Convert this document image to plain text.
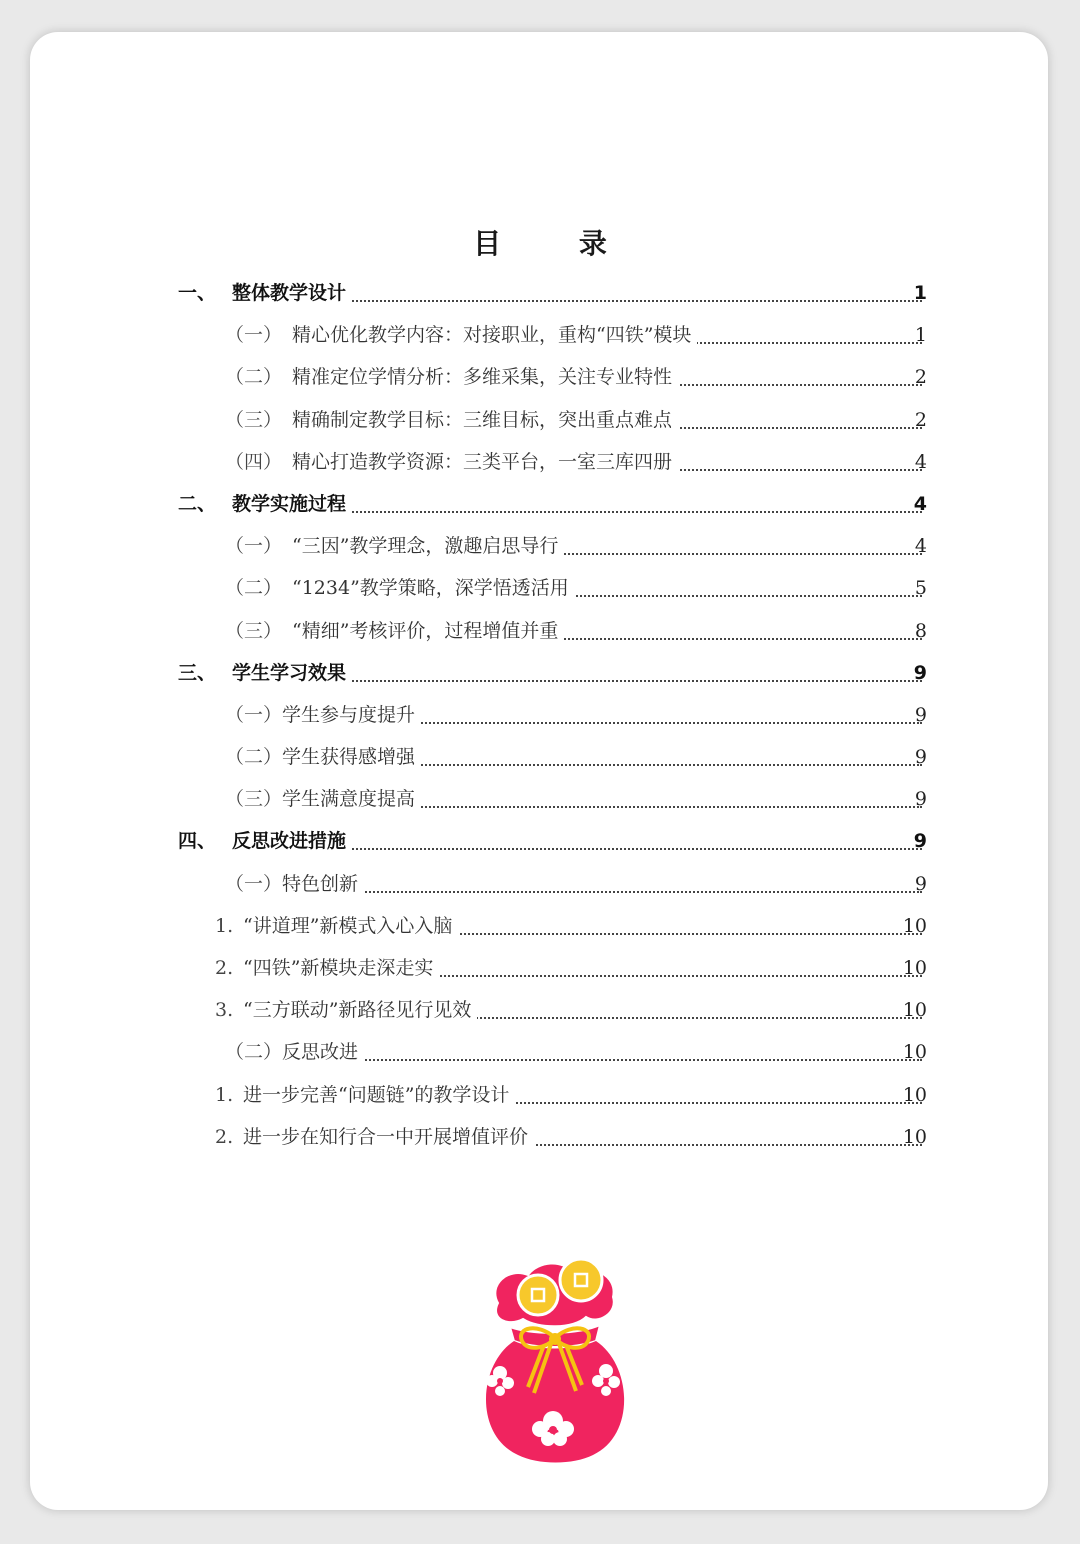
目 录
一、 整体教学设计	1
（一） 精心优化教学内容：对接职业，重构“四铁”模块	1
（二） 精准定位学情分析：多维采集，关注专业特性	2
（三） 精确制定教学目标：三维目标，突出重点难点	2
（四） 精心打造教学资源：三类平台，一室三库四册	4
二、 教学实施过程	4
（一） “三因”教学理念，激趣启思导行	4
（二） “1234”教学策略，深学悟透活用	5
（三） “精细”考核评价，过程增值并重	8
三、 学生学习效果	9
（一） 学生参与度提升	9
（二） 学生获得感增强	9
（三） 学生满意度提高	9
四、 反思改进措施	9
（一） 特色创新	9
1. “讲道理”新模式入心入脑	10
2. “四铁”新模块走深走实	10
3. “三方联动”新路径见行见效	10
（二） 反思改进	10
1. 进一步完善“问题链”的教学设计	10
2. 进一步在知行合一中开展增值评价	10
